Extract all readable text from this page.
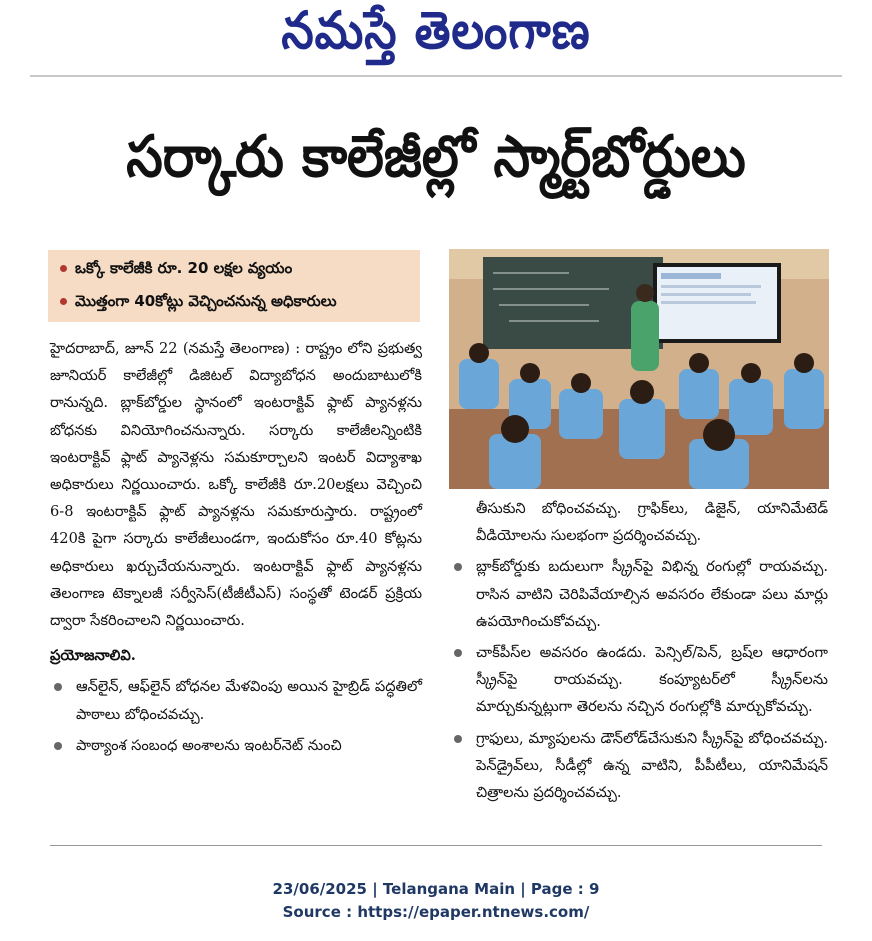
నమస్తే తెలంగాణ
సర్కారు కాలేజీల్లో స్మార్ట్‌బోర్డులు
ఒక్కో కాలేజీకి రూ. 20 లక్షల వ్యయం
మొత్తంగా 40కోట్లు వెచ్చించనున్న అధికారులు

హైదరాబాద్, జూన్ 22 (నమస్తే తెలంగాణ) : రాష్ట్రం లోని ప్రభుత్వ జూనియర్ కాలేజీల్లో డిజిటల్ విద్యాబోధన అందుబాటులోకి రానున్నది. బ్లాక్‌బోర్డుల స్థానంలో ఇంటరాక్టివ్ ఫ్లాట్ ప్యానళ్లను బోధనకు వినియోగించనున్నారు. సర్కారు కాలేజీలన్నింటికి ఇంటరాక్టివ్ ఫ్లాట్ ప్యానెళ్లను సమకూర్చాలని ఇంటర్ విద్యాశాఖ అధికారులు నిర్ణయించారు. ఒక్కో కాలేజీకి రూ.20లక్షలు వెచ్చించి 6-8 ఇంటరాక్టివ్ ఫ్లాట్ ప్యానళ్లను సమకూరుస్తారు. రాష్ట్రంలో 420కి పైగా సర్కారు కాలేజీలుండగా, ఇందుకోసం రూ.40 కోట్లను అధికారులు ఖర్చుచేయనున్నారు. ఇంటరాక్టివ్ ఫ్లాట్ ప్యానళ్లను తెలంగాణ టెక్నాలజీ సర్వీసెస్(టీజీటీఎస్) సంస్థతో టెండర్ ప్రక్రియ ద్వారా సేకరించాలని నిర్ణయించారు.

ప్రయోజనాలివి.

ఆన్‌లైన్, ఆఫ్‌లైన్ బోధనల మేళవింపు అయిన హైబ్రిడ్ పద్ధతిలో పాఠాలు బోధించవచ్చు.

పాఠ్యాంశ సంబంధ అంశాలను ఇంటర్‌నెట్ నుంచి

తీసుకుని బోధించవచ్చు. గ్రాఫిక్‌లు, డిజైన్, యానిమేటెడ్ వీడియోలను సులభంగా ప్రదర్శించవచ్చు.

బ్లాక్‌బోర్డుకు బదులుగా స్క్రీన్‌పై విభిన్న రంగుల్లో రాయవచ్చు. రాసిన వాటిని చెరిపివేయాల్సిన అవసరం లేకుండా పలు మార్లు ఉపయోగించుకోవచ్చు.

చాక్‌పీస్‌ల అవసరం ఉండదు. పెన్సిల్/పెన్, బ్రష్‌ల ఆధారంగా స్క్రీన్‌పై రాయవచ్చు. కంప్యూటర్‌లో స్క్రీన్‌లను మార్చుకున్నట్లుగా తెరలను నచ్చిన రంగుల్లోకి మార్చుకోవచ్చు.

గ్రాఫులు, మ్యాపులను డౌన్‌లోడ్‌చేసుకుని స్క్రీన్‌పై బోధించవచ్చు. పెన్‌డ్రైవ్‌లు, సీడీల్లో ఉన్న వాటిని, పీపీటీలు, యానిమేషన్ చిత్రాలను ప్రదర్శించవచ్చు.

23/06/2025 | Telangana Main | Page : 9
Source : https://epaper.ntnews.com/
